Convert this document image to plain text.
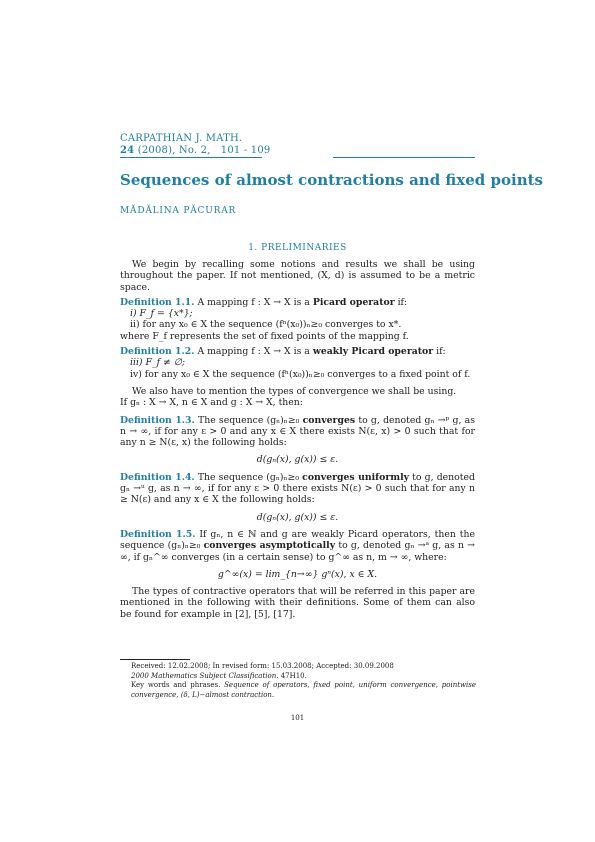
CARPATHIAN J. MATH.
24 (2008), No. 2, 101 - 109
Sequences of almost contractions and fixed points
MĂDĂLINA PĂCURAR
1. PRELIMINARIES

We begin by recalling some notions and results we shall be using throughout the paper. If not mentioned, (X, d) is assumed to be a metric space.

Definition 1.1. A mapping f : X → X is a Picard operator if:
i) F_f = {x*};
ii) for any x₀ ∈ X the sequence (fⁿ(x₀))ₙ≥₀ converges to x*.
where F_f represents the set of fixed points of the mapping f.

Definition 1.2. A mapping f : X → X is a weakly Picard operator if:
iii) F_f ≠ ∅;
iv) for any x₀ ∈ X the sequence (fⁿ(x₀))ₙ≥₀ converges to a fixed point of f.

We also have to mention the types of convergence we shall be using.

If gₙ : X → X, n ∈ X and g : X → X, then:

Definition 1.3. The sequence (gₙ)ₙ≥₀ converges to g, denoted gₙ →ᵖ g, as n → ∞, if for any ε > 0 and any x ∈ X there exists N(ε, x) > 0 such that for any n ≥ N(ε, x) the following holds:

d(gₙ(x), g(x)) ≤ ε.

Definition 1.4. The sequence (gₙ)ₙ≥₀ converges uniformly to g, denoted gₙ →ᵘ g, as n → ∞, if for any ε > 0 there exists N(ε) > 0 such that for any n ≥ N(ε) and any x ∈ X the following holds:

d(gₙ(x), g(x)) ≤ ε.

Definition 1.5. If gₙ, n ∈ ℕ and g are weakly Picard operators, then the sequence (gₙ)ₙ≥₀ converges asymptotically to g, denoted gₙ →ᵃ g, as n → ∞, if gₙ^∞ converges (in a certain sense) to g^∞ as n, m → ∞, where:

g^∞(x) = lim_{n→∞} gⁿ(x), x ∈ X.

The types of contractive operators that will be referred in this paper are mentioned in the following with their definitions. Some of them can also be found for example in [2], [5], [17].

Received: 12.02.2008; In revised form: 15.03.2008; Accepted: 30.09.2008
2000 Mathematics Subject Classification. 47H10.
Key words and phrases. Sequence of operators, fixed point, uniform convergence, pointwise convergence, (δ, L)−almost contraction.
101
